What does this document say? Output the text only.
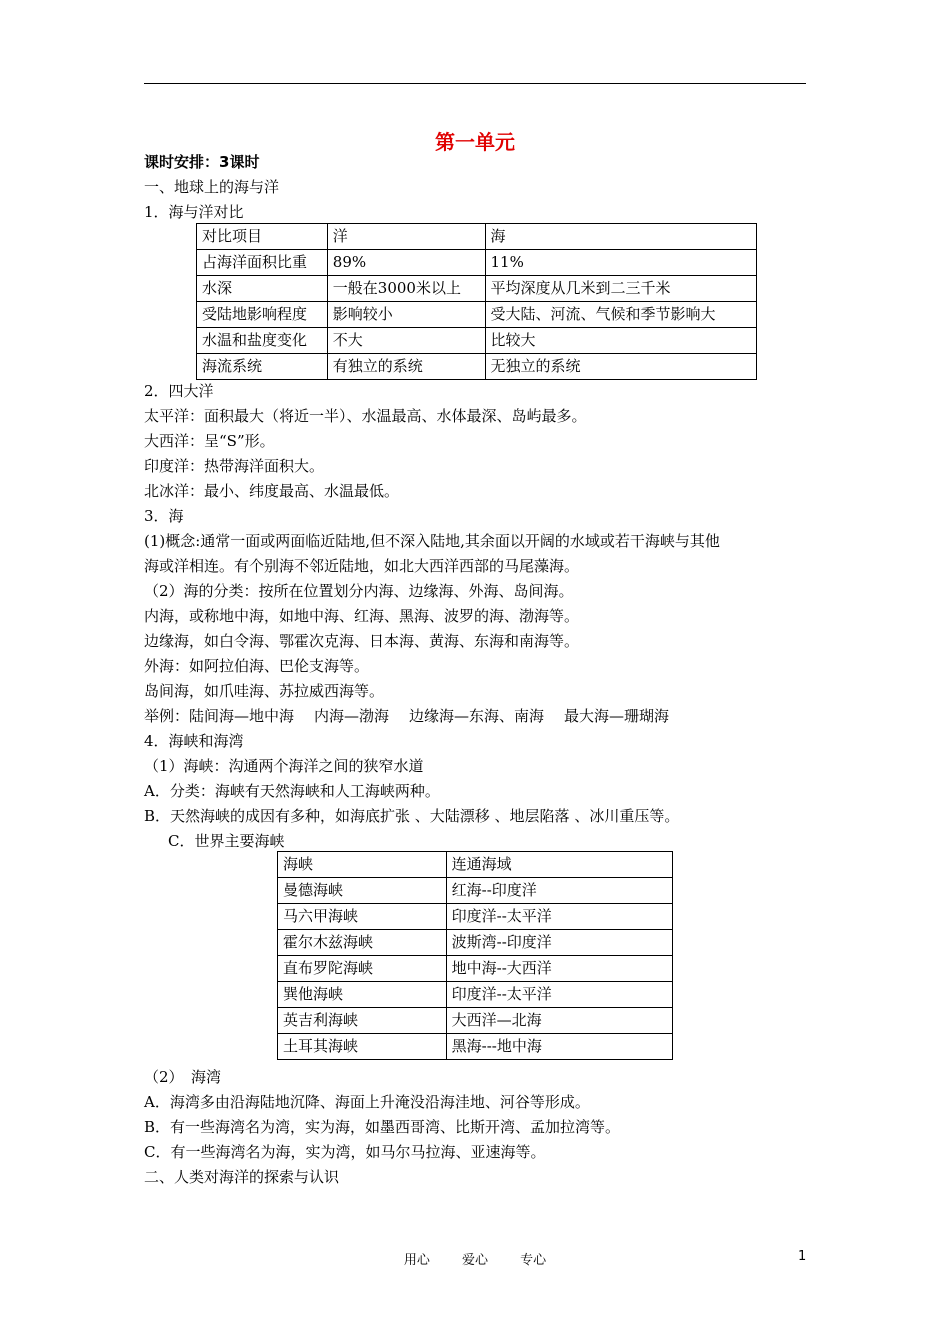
第一单元
课时安排：3课时
一、地球上的海与洋
1．海与洋对比
对比项目	洋	海
占海洋面积比重	89%	11%
水深	一般在3000米以上	平均深度从几米到二三千米
受陆地影响程度	影响较小	受大陆、河流、气候和季节影响大
水温和盐度变化	不大	比较大
海流系统	有独立的系统	无独立的系统
2．四大洋
太平洋：面积最大（将近一半）、水温最高、水体最深、岛屿最多。
大西洋：呈“S”形。
印度洋：热带海洋面积大。
北冰洋：最小、纬度最高、水温最低。
3．海
(1)概念:通常一面或两面临近陆地,但不深入陆地,其余面以开阔的水域或若干海峡与其他
海或洋相连。有个别海不邻近陆地，如北大西洋西部的马尾藻海。
（2）海的分类：按所在位置划分内海、边缘海、外海、岛间海。
内海，或称地中海，如地中海、红海、黑海、波罗的海、渤海等。
边缘海，如白令海、鄂霍次克海、日本海、黄海、东海和南海等。
外海：如阿拉伯海、巴伦支海等。
岛间海，如爪哇海、苏拉威西海等。
举例：陆间海—地中海 内海—渤海 边缘海—东海、南海 最大海—珊瑚海
4．海峡和海湾
（1）海峡：沟通两个海洋之间的狭窄水道
A．分类：海峡有天然海峡和人工海峡两种。
B．天然海峡的成因有多种，如海底扩张 、大陆漂移 、地层陷落 、冰川重压等。
C．世界主要海峡
海峡	连通海域
曼德海峡	红海--印度洋
马六甲海峡	印度洋--太平洋
霍尔木兹海峡	波斯湾--印度洋
直布罗陀海峡	地中海--大西洋
巽他海峡	印度洋--太平洋
英吉利海峡	大西洋—北海
土耳其海峡	黑海---地中海
（2）　海湾
A．海湾多由沿海陆地沉降、海面上升淹没沿海洼地、河谷等形成。
B．有一些海湾名为湾，实为海，如墨西哥湾、比斯开湾、孟加拉湾等。
C．有一些海湾名为海，实为湾，如马尔马拉海、亚速海等。
二、人类对海洋的探索与认识
用心 爱心 专心	1
